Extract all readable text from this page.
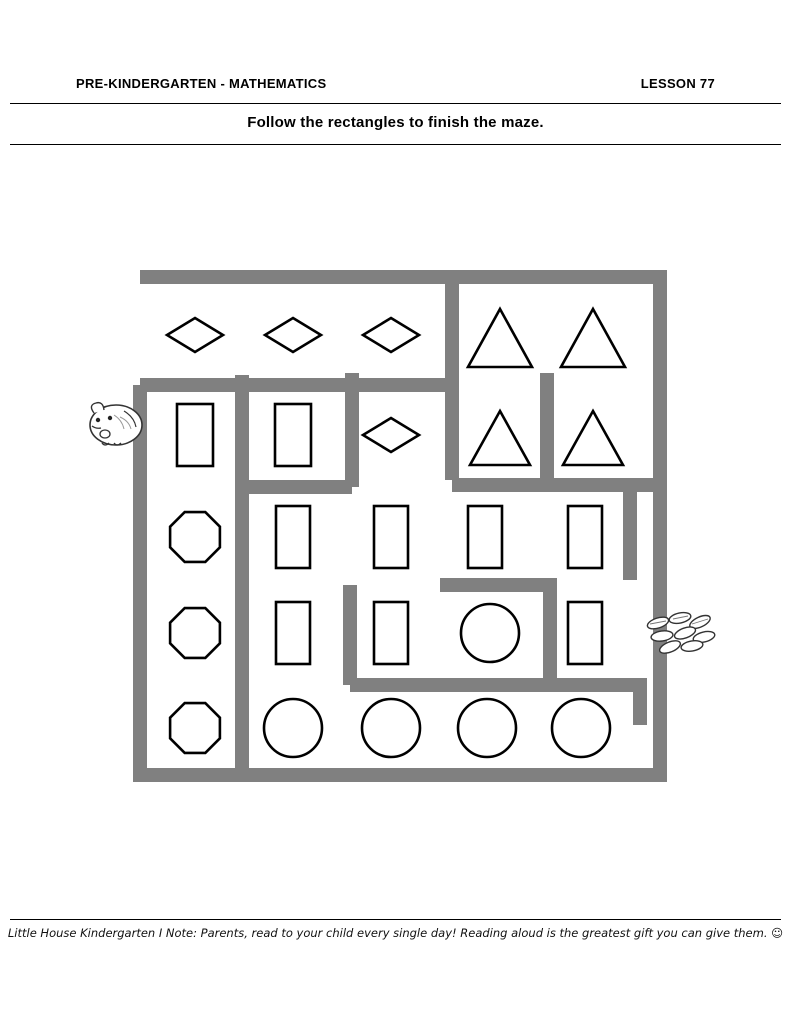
PRE-KINDERGARTEN - MATHEMATICS	LESSON 77
Follow the rectangles to finish the maze.
Little House Kindergarten I Note: Parents, read to your child every single day! Reading aloud is the greatest gift you can give them. ☺
